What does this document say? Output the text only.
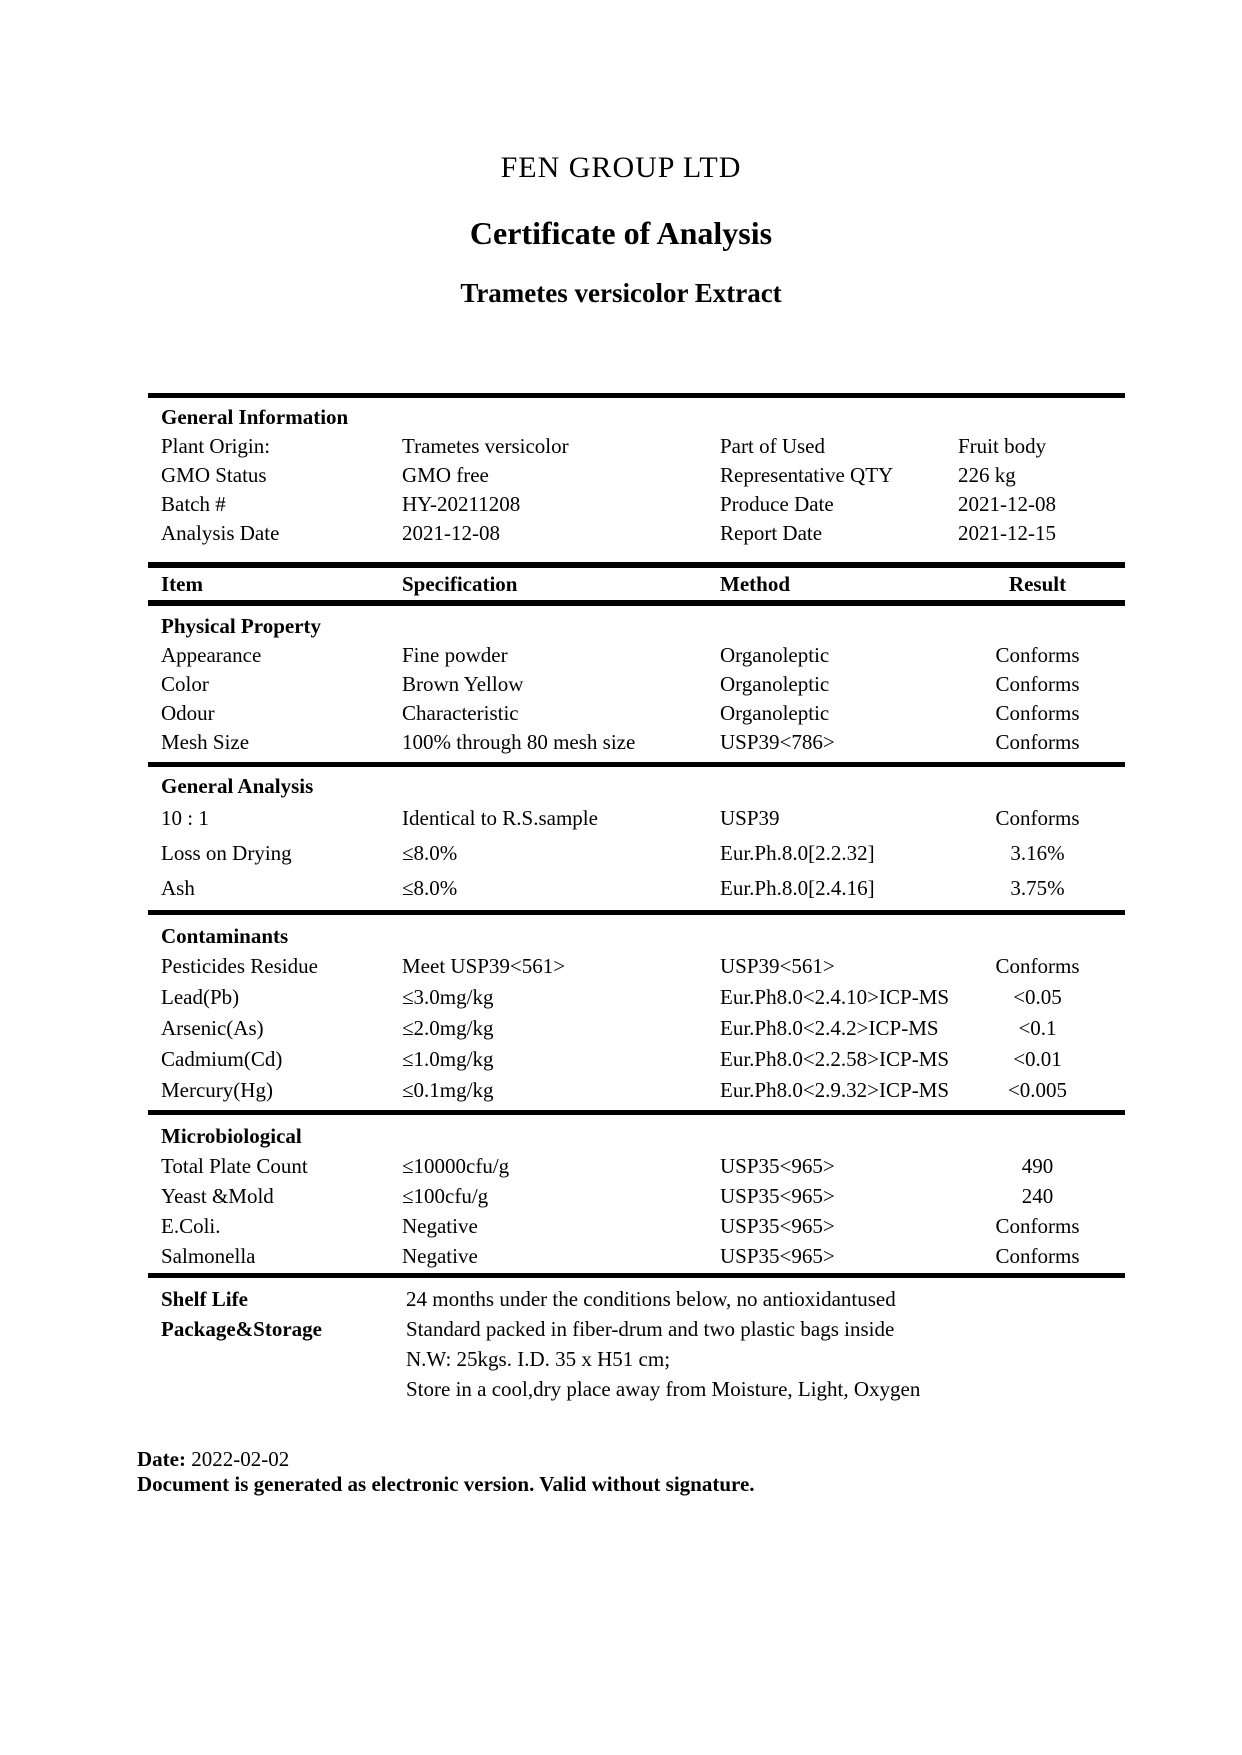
FEN GROUP LTD
Certificate of Analysis
Trametes versicolor Extract
General Information
Plant Origin:	Trametes versicolor	Part of Used	Fruit body
GMO Status	GMO free	Representative QTY	226 kg
Batch #	HY-20211208	Produce Date	2021-12-08
Analysis Date	2021-12-08	Report Date	2021-12-15
Item	Specification	Method	Result
Physical Property
Appearance	Fine powder	Organoleptic	Conforms
Color	Brown Yellow	Organoleptic	Conforms
Odour	Characteristic	Organoleptic	Conforms
Mesh Size	100% through 80 mesh size	USP39<786>	Conforms
General Analysis
10 : 1	Identical to R.S.sample	USP39	Conforms
Loss on Drying	≤8.0%	Eur.Ph.8.0[2.2.32]	3.16%
Ash	≤8.0%	Eur.Ph.8.0[2.4.16]	3.75%
Contaminants
Pesticides Residue	Meet USP39<561>	USP39<561>	Conforms
Lead(Pb)	≤3.0mg/kg	Eur.Ph8.0<2.4.10>ICP-MS	<0.05
Arsenic(As)	≤2.0mg/kg	Eur.Ph8.0<2.4.2>ICP-MS	<0.1
Cadmium(Cd)	≤1.0mg/kg	Eur.Ph8.0<2.2.58>ICP-MS	<0.01
Mercury(Hg)	≤0.1mg/kg	Eur.Ph8.0<2.9.32>ICP-MS	<0.005
Microbiological
Total Plate Count	≤10000cfu/g	USP35<965>	490
Yeast &Mold	≤100cfu/g	USP35<965>	240
E.Coli.	Negative	USP35<965>	Conforms
Salmonella	Negative	USP35<965>	Conforms
Shelf Life	24 months under the conditions below, no antioxidantused
Package&Storage	Standard packed in fiber-drum and two plastic bags inside
N.W: 25kgs. I.D. 35 x H51 cm;
Store in a cool,dry place away from Moisture, Light, Oxygen
Date: 2022-02-02
Document is generated as electronic version. Valid without signature.
